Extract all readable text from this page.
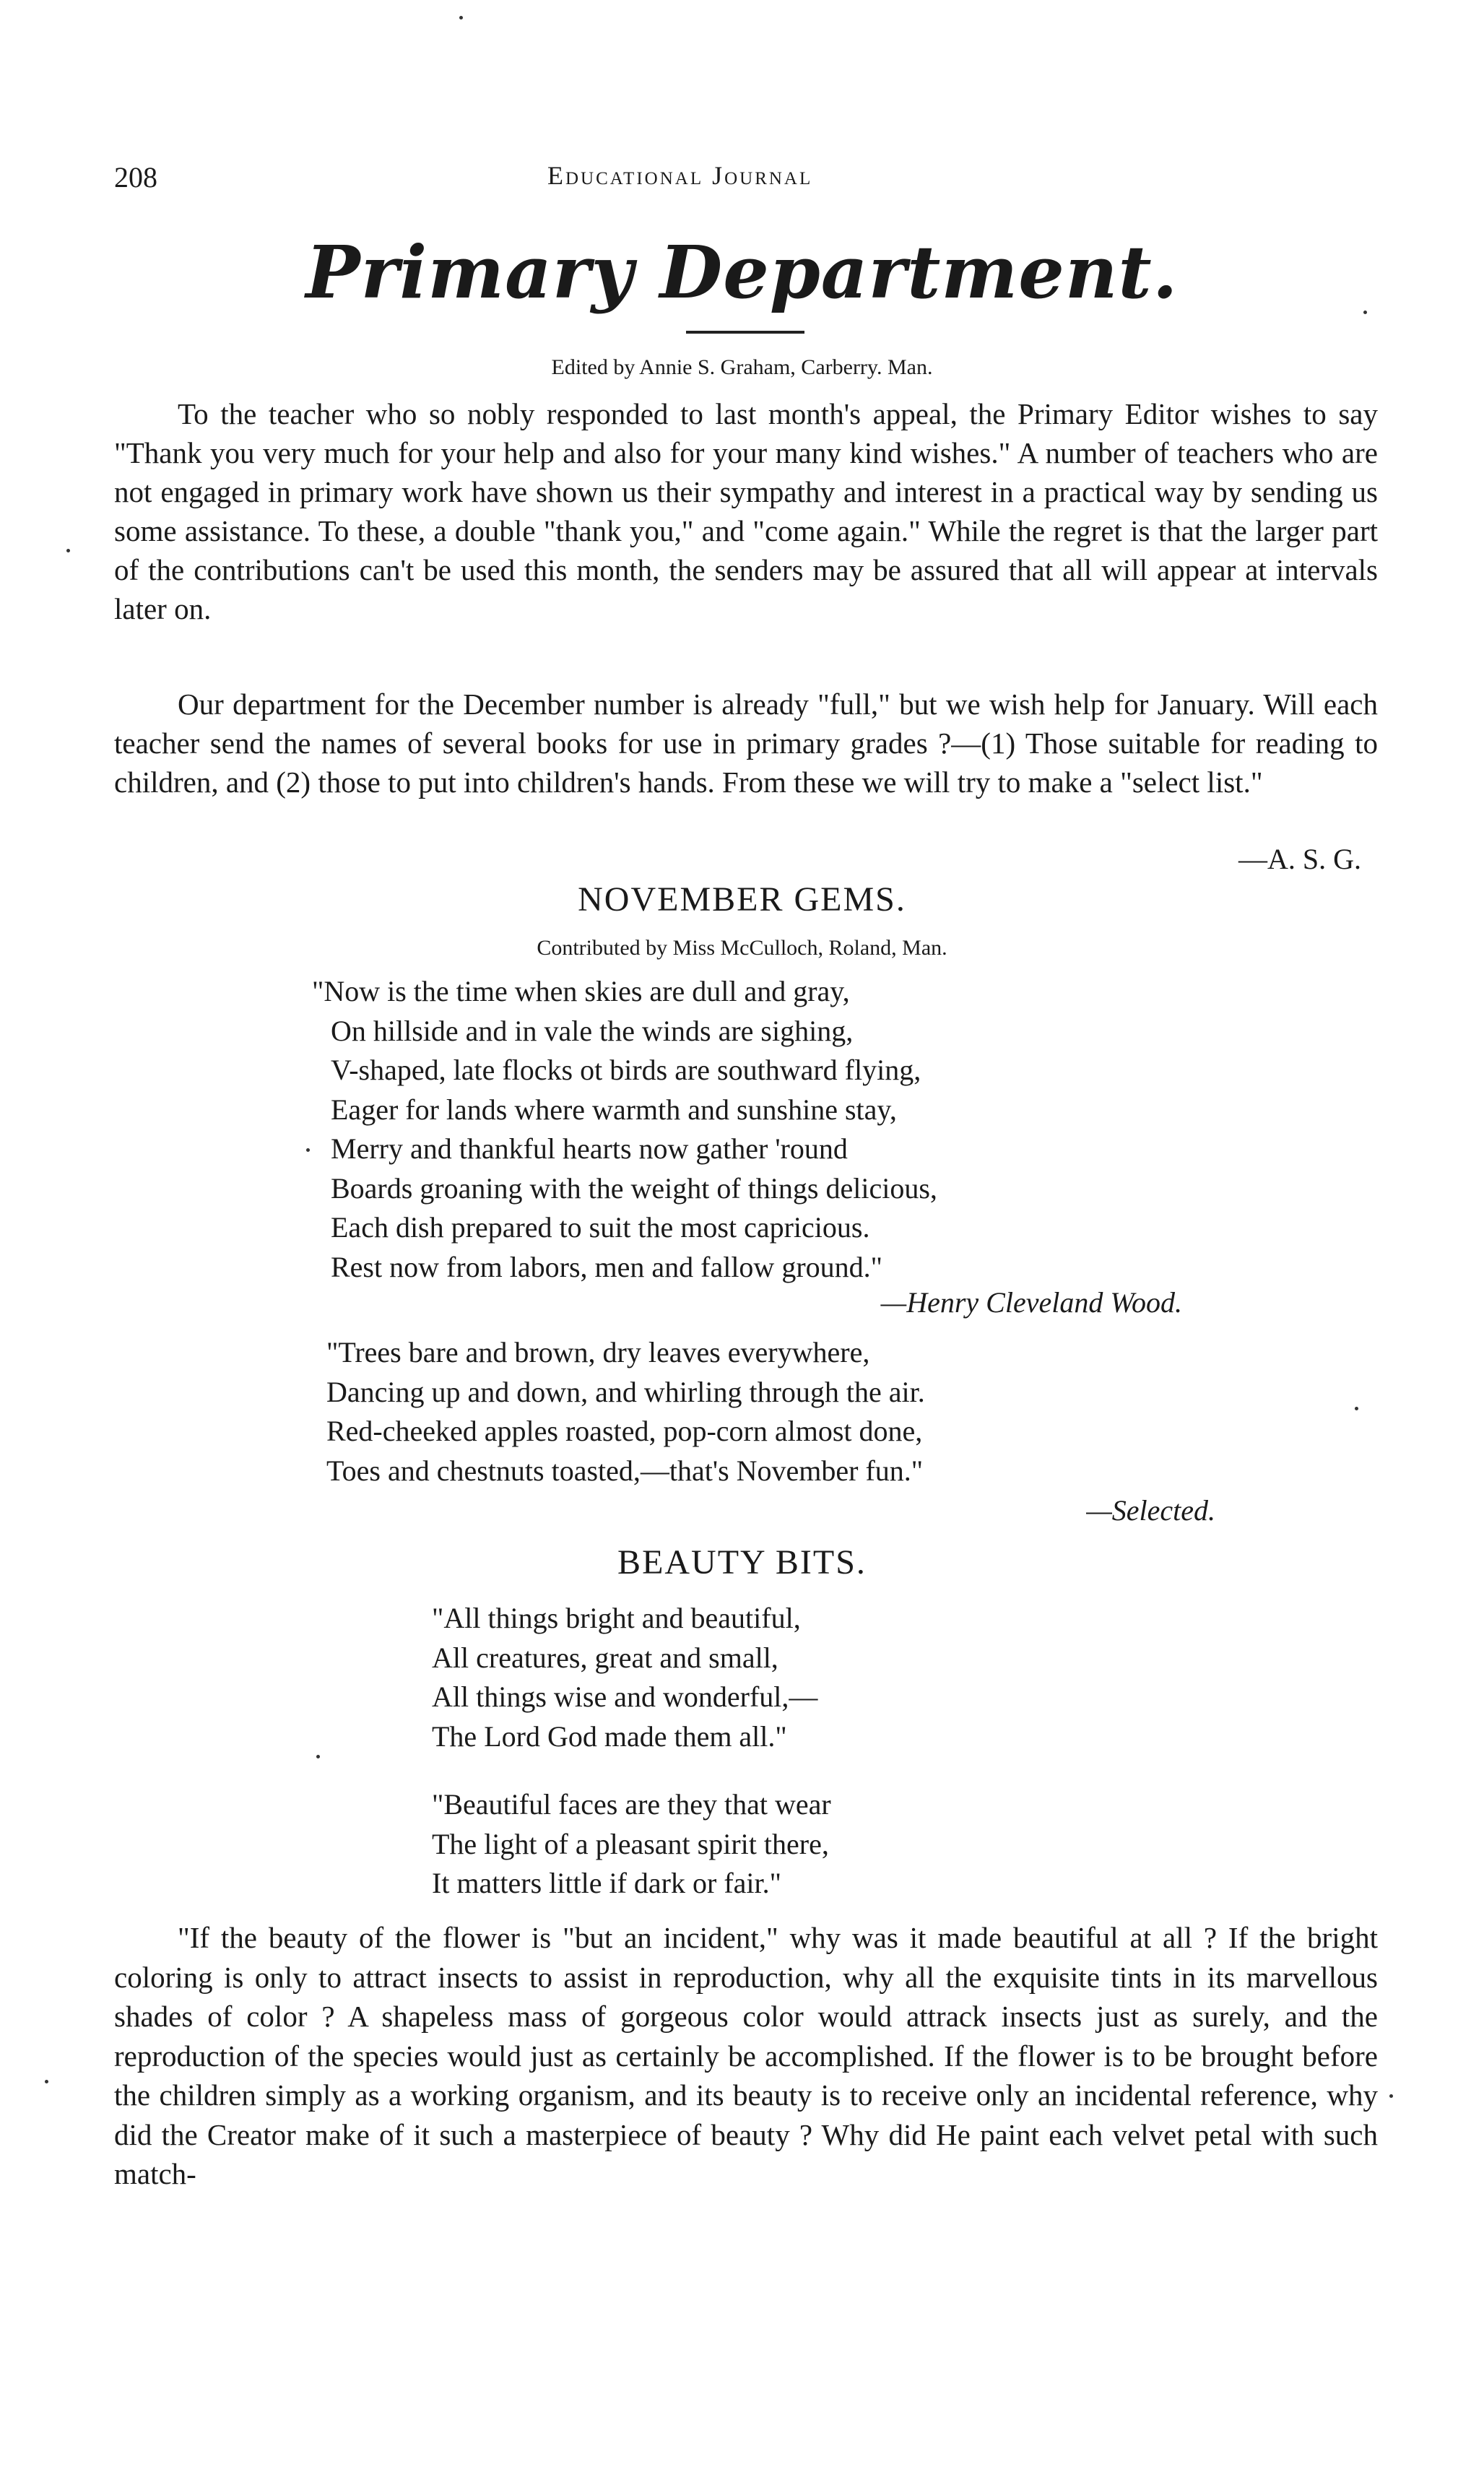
208	Educational Journal
Primary Department.
Edited by Annie S. Graham, Carberry. Man.

To the teacher who so nobly responded to last month's appeal, the Primary Editor wishes to say "Thank you very much for your help and also for your many kind wishes." A number of teachers who are not engaged in primary work have shown us their sympathy and interest in a practical way by sending us some assistance. To these, a double "thank you," and "come again." While the regret is that the larger part of the contributions can't be used this month, the senders may be assured that all will appear at intervals later on.

Our department for the December number is already "full," but we wish help for January. Will each teacher send the names of several books for use in primary grades ?—(1) Those suitable for reading to children, and (2) those to put into children's hands. From these we will try to make a "select list."

—A. S. G.
NOVEMBER GEMS.
Contributed by Miss McCulloch, Roland, Man.
"Now is the time when skies are dull and gray,
On hillside and in vale the winds are sighing,
V-shaped, late flocks ot birds are southward flying,
Eager for lands where warmth and sunshine stay,
Merry and thankful hearts now gather 'round
Boards groaning with the weight of things delicious,
Each dish prepared to suit the most capricious.
Rest now from labors, men and fallow ground."
—Henry Cleveland Wood.
"Trees bare and brown, dry leaves everywhere,
Dancing up and down, and whirling through the air.
Red-cheeked apples roasted, pop-corn almost done,
Toes and chestnuts toasted,—that's November fun."
—Selected.
BEAUTY BITS.
"All things bright and beautiful,
All creatures, great and small,
All things wise and wonderful,—
The Lord God made them all."
"Beautiful faces are they that wear
The light of a pleasant spirit there,
It matters little if dark or fair."

"If the beauty of the flower is "but an incident," why was it made beautiful at all ? If the bright coloring is only to attract insects to assist in reproduction, why all the exquisite tints in its marvellous shades of color ? A shapeless mass of gorgeous color would attrack insects just as surely, and the reproduction of the species would just as certainly be accomplished. If the flower is to be brought before the children simply as a working organism, and its beauty is to receive only an incidental reference, why did the Creator make of it such a masterpiece of beauty ? Why did He paint each velvet petal with such match-
